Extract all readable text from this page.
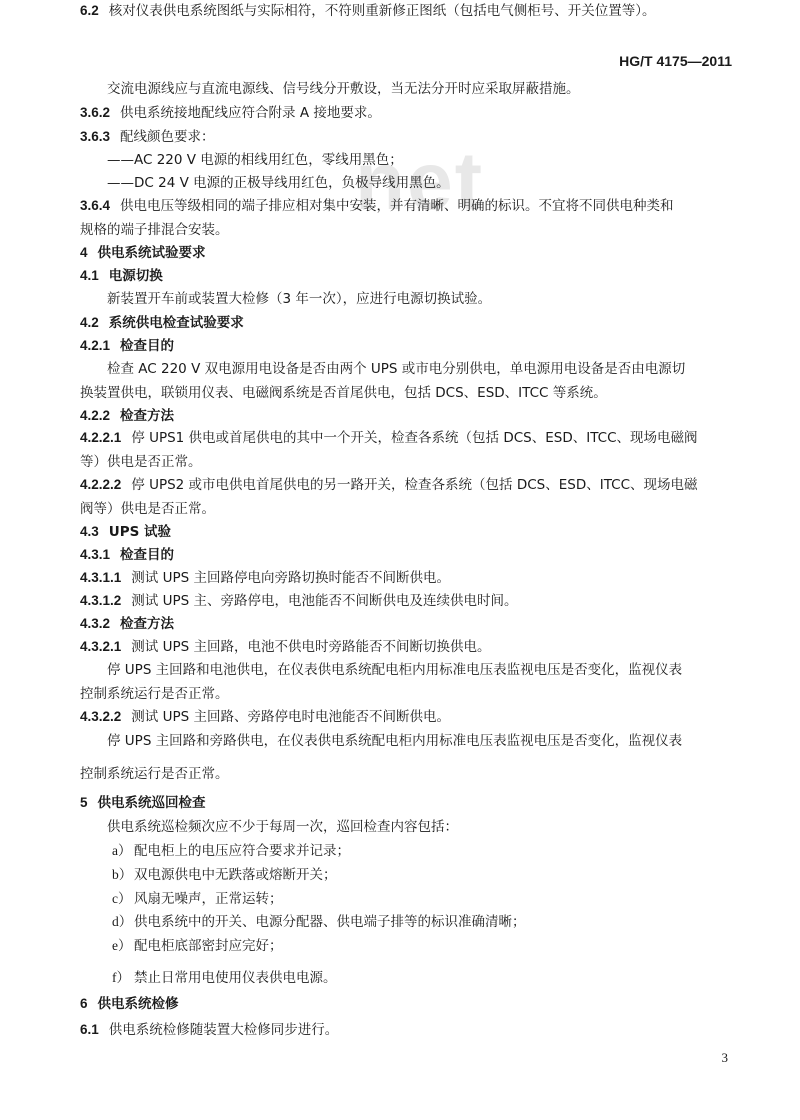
HG/T 4175—2011
net
交流电源线应与直流电源线、信号线分开敷设，当无法分开时应采取屏蔽措施。
3.6.2 供电系统接地配线应符合附录 A 接地要求。
3.6.3 配线颜色要求：
——AC 220 V 电源的相线用红色，零线用黑色；
——DC 24 V 电源的正极导线用红色，负极导线用黑色。
3.6.4 供电电压等级相同的端子排应相对集中安装，并有清晰、明确的标识。不宜将不同供电种类和
规格的端子排混合安装。
4 供电系统试验要求
4.1 电源切换
新装置开车前或装置大检修（3 年一次），应进行电源切换试验。
4.2 系统供电检查试验要求
4.2.1 检查目的
检查 AC 220 V 双电源用电设备是否由两个 UPS 或市电分别供电，单电源用电设备是否由电源切
换装置供电，联锁用仪表、电磁阀系统是否首尾供电，包括 DCS、ESD、ITCC 等系统。
4.2.2 检查方法
4.2.2.1 停 UPS1 供电或首尾供电的其中一个开关，检查各系统（包括 DCS、ESD、ITCC、现场电磁阀
等）供电是否正常。
4.2.2.2 停 UPS2 或市电供电首尾供电的另一路开关，检查各系统（包括 DCS、ESD、ITCC、现场电磁
阀等）供电是否正常。
4.3 UPS 试验
4.3.1 检查目的
4.3.1.1 测试 UPS 主回路停电向旁路切换时能否不间断供电。
4.3.1.2 测试 UPS 主、旁路停电，电池能否不间断供电及连续供电时间。
4.3.2 检查方法
4.3.2.1 测试 UPS 主回路，电池不供电时旁路能否不间断切换供电。
停 UPS 主回路和电池供电，在仪表供电系统配电柜内用标准电压表监视电压是否变化，监视仪表
控制系统运行是否正常。
4.3.2.2 测试 UPS 主回路、旁路停电时电池能否不间断供电。
停 UPS 主回路和旁路供电，在仪表供电系统配电柜内用标准电压表监视电压是否变化，监视仪表
控制系统运行是否正常。
5 供电系统巡回检查
供电系统巡检频次应不少于每周一次，巡回检查内容包括：
a） 配电柜上的电压应符合要求并记录；
b） 双电源供电中无跌落或熔断开关；
c） 风扇无噪声，正常运转；
d） 供电系统中的开关、电源分配器、供电端子排等的标识准确清晰；
e） 配电柜底部密封应完好；
f） 禁止日常用电使用仪表供电电源。
6 供电系统检修
6.1 供电系统检修随装置大检修同步进行。
6.2 核对仪表供电系统图纸与实际相符，不符则重新修正图纸（包括电气侧柜号、开关位置等）。
3
